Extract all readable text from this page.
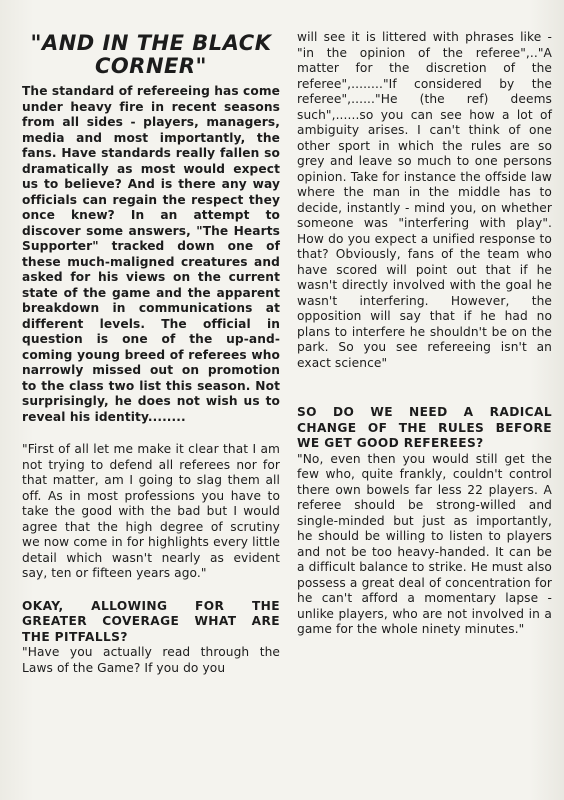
"AND IN THE BLACK CORNER"

The standard of refereeing has come under heavy fire in recent seasons from all sides - players, managers, media and most importantly, the fans. Have standards really fallen so dramatically as most would expect us to believe? And is there any way officials can regain the respect they once knew? In an attempt to discover some answers, "The Hearts Supporter" tracked down one of these much-maligned creatures and asked for his views on the current state of the game and the apparent breakdown in communications at different levels. The official in question is one of the up-and-coming young breed of referees who narrowly missed out on promotion to the class two list this season. Not surprisingly, he does not wish us to reveal his identity........

"First of all let me make it clear that I am not trying to defend all referees nor for that matter, am I going to slag them all off. As in most professions you have to take the good with the bad but I would agree that the high degree of scrutiny we now come in for highlights every little detail which wasn't nearly as evident say, ten or fifteen years ago."

OKAY, ALLOWING FOR THE GREATER COVERAGE WHAT ARE THE PITFALLS?

"Have you actually read through the Laws of the Game? If you do you

will see it is littered with phrases like - "in the opinion of the referee",.."A matter for the discretion of the referee",........"If considered by the referee",......"He (the ref) deems such",......so you can see how a lot of ambiguity arises. I can't think of one other sport in which the rules are so grey and leave so much to one persons opinion. Take for instance the offside law where the man in the middle has to decide, instantly - mind you, on whether someone was "interfering with play". How do you expect a unified response to that? Obviously, fans of the team who have scored will point out that if he wasn't directly involved with the goal he wasn't interfering. However, the opposition will say that if he had no plans to interfere he shouldn't be on the park. So you see refereeing isn't an exact science"

SO DO WE NEED A RADICAL CHANGE OF THE RULES BEFORE WE GET GOOD REFEREES?

"No, even then you would still get the few who, quite frankly, couldn't control there own bowels far less 22 players. A referee should be strong-willed and single-minded but just as importantly, he should be willing to listen to players and not be too heavy-handed. It can be a difficult balance to strike. He must also possess a great deal of concentration for he can't afford a momentary lapse - unlike players, who are not involved in a game for the whole ninety minutes."
